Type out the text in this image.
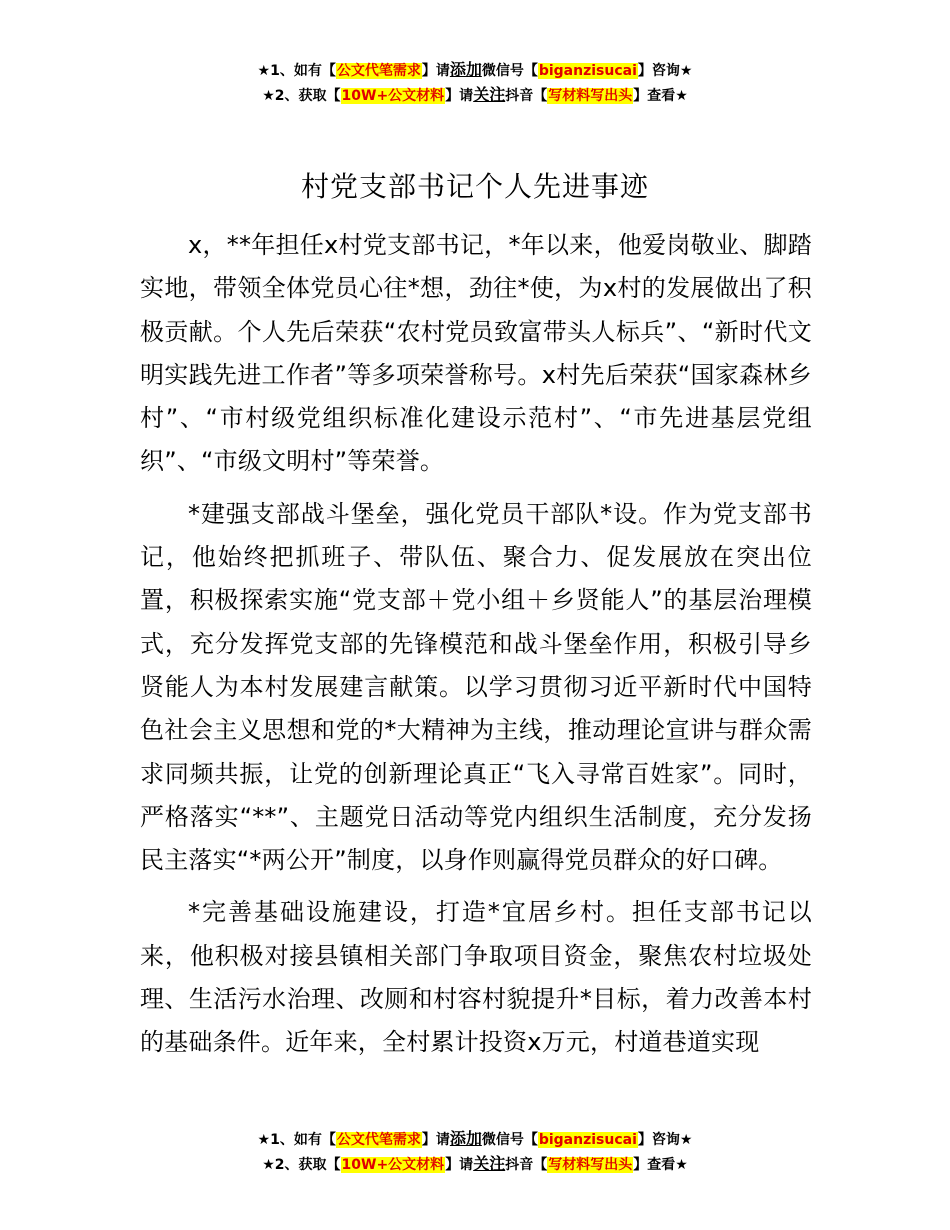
★1、如有【公文代笔需求】请添加微信号【biganzisucai】咨询★
★2、获取【10W+公文材料】请关注抖音【写材料写出头】查看★
村党支部书记个人先进事迹

x，**年担任x村党支部书记，*年以来，他爱岗敬业、脚踏实地，带领全体党员心往*想，劲往*使，为x村的发展做出了积极贡献。个人先后荣获“农村党员致富带头人标兵”、“新时代文明实践先进工作者”等多项荣誉称号。x村先后荣获“国家森林乡村”、“市村级党组织标准化建设示范村”、“市先进基层党组织”、“市级文明村”等荣誉。

*建强支部战斗堡垒，强化党员干部队*设。作为党支部书记，他始终把抓班子、带队伍、聚合力、促发展放在突出位置，积极探索实施“党支部＋党小组＋乡贤能人”的基层治理模式，充分发挥党支部的先锋模范和战斗堡垒作用，积极引导乡贤能人为本村发展建言献策。以学习贯彻习近平新时代中国特色社会主义思想和党的*大精神为主线，推动理论宣讲与群众需求同频共振，让党的创新理论真正“飞入寻常百姓家”。同时，严格落实“**”、主题党日活动等党内组织生活制度，充分发扬民主落实“*两公开”制度，以身作则赢得党员群众的好口碑。

*完善基础设施建设，打造*宜居乡村。担任支部书记以来，他积极对接县镇相关部门争取项目资金，聚焦农村垃圾处理、生活污水治理、改厕和村容村貌提升*目标，着力改善本村的基础条件。近年来，全村累计投资x万元，村道巷道实现

★1、如有【公文代笔需求】请添加微信号【biganzisucai】咨询★
★2、获取【10W+公文材料】请关注抖音【写材料写出头】查看★
